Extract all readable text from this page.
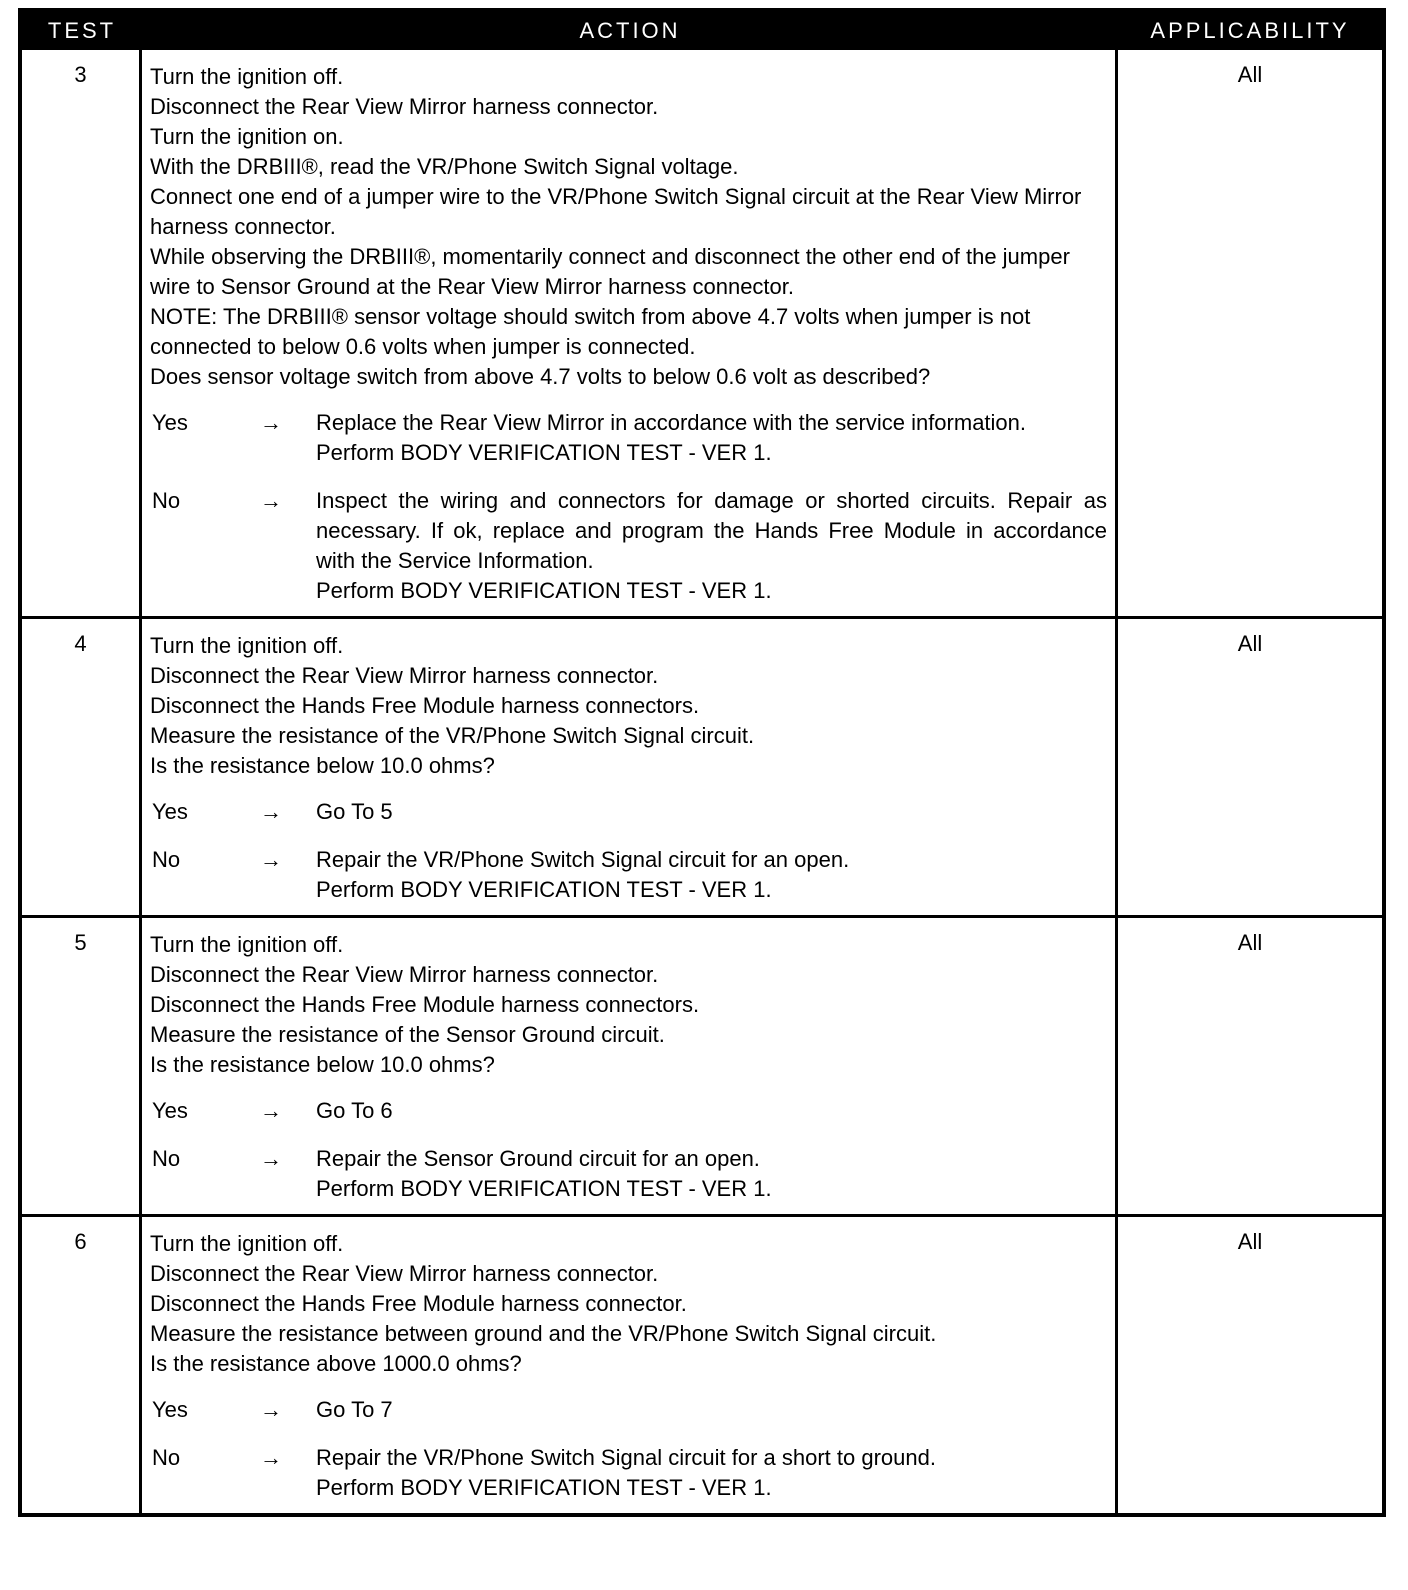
TEST	ACTION	APPLICABILITY
3	Turn the ignition off.
Disconnect the Rear View Mirror harness connector.
Turn the ignition on.
With the DRBIII®, read the VR/Phone Switch Signal voltage.
Connect one end of a jumper wire to the VR/Phone Switch Signal circuit at the Rear View Mirror harness connector.
While observing the DRBIII®, momentarily connect and disconnect the other end of the jumper wire to Sensor Ground at the Rear View Mirror harness connector.
NOTE: The DRBIII® sensor voltage should switch from above 4.7 volts when jumper is not connected to below 0.6 volts when jumper is connected.
Does sensor voltage switch from above 4.7 volts to below 0.6 volt as described?
Yes	→	Replace the Rear View Mirror in accordance with the service information.
Perform BODY VERIFICATION TEST - VER 1.
No	→	Inspect the wiring and connectors for damage or shorted circuits. Repair as necessary. If ok, replace and program the Hands Free Module in accordance with the Service Information.
Perform BODY VERIFICATION TEST - VER 1.
All
4	Turn the ignition off.
Disconnect the Rear View Mirror harness connector.
Disconnect the Hands Free Module harness connectors.
Measure the resistance of the VR/Phone Switch Signal circuit.
Is the resistance below 10.0 ohms?
Yes	→	Go To 5
No	→	Repair the VR/Phone Switch Signal circuit for an open.
Perform BODY VERIFICATION TEST - VER 1.
All
5	Turn the ignition off.
Disconnect the Rear View Mirror harness connector.
Disconnect the Hands Free Module harness connectors.
Measure the resistance of the Sensor Ground circuit.
Is the resistance below 10.0 ohms?
Yes	→	Go To 6
No	→	Repair the Sensor Ground circuit for an open.
Perform BODY VERIFICATION TEST - VER 1.
All
6	Turn the ignition off.
Disconnect the Rear View Mirror harness connector.
Disconnect the Hands Free Module harness connector.
Measure the resistance between ground and the VR/Phone Switch Signal circuit.
Is the resistance above 1000.0 ohms?
Yes	→	Go To 7
No	→	Repair the VR/Phone Switch Signal circuit for a short to ground.
Perform BODY VERIFICATION TEST - VER 1.
All
